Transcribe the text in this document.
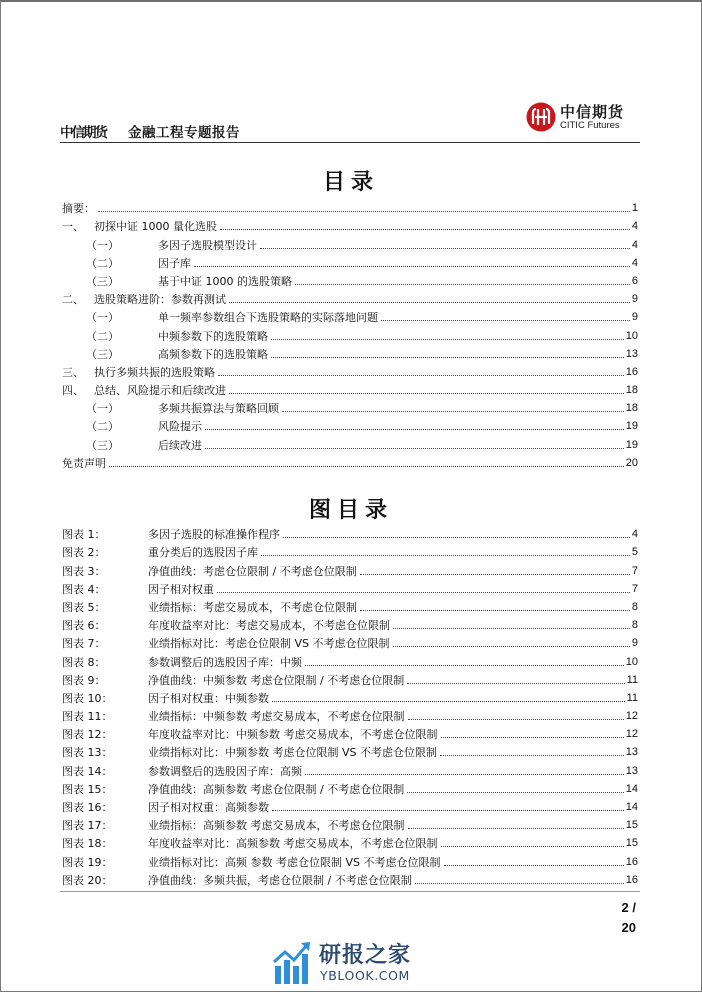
中信期货 金融工程专题报告
中信期货
CITIC Futures
目录
摘要：	1
一、 初探中证 1000 量化选股	4
（一）	多因子选股模型设计	4
（二）	因子库	4
（三）	基于中证 1000 的选股策略	6
二、 选股策略进阶：参数再测试	9
（一）	单一频率参数组合下选股策略的实际落地问题	9
（二）	中频参数下的选股策略	10
（三）	高频参数下的选股策略	13
三、 执行多频共振的选股策略	16
四、 总结、风险提示和后续改进	18
（一）	多频共振算法与策略回顾	18
（二）	风险提示	19
（三）	后续改进	19
免责声明	20
图目录
图表 1：	多因子选股的标准操作程序	4
图表 2：	重分类后的选股因子库	5
图表 3：	净值曲线：考虑仓位限制 / 不考虑仓位限制	7
图表 4：	因子相对权重	7
图表 5：	业绩指标：考虑交易成本，不考虑仓位限制	8
图表 6：	年度收益率对比：考虑交易成本，不考虑仓位限制	8
图表 7：	业绩指标对比：考虑仓位限制 VS 不考虑仓位限制	9
图表 8：	参数调整后的选股因子库：中频	10
图表 9：	净值曲线：中频参数 考虑仓位限制 / 不考虑仓位限制	11
图表 10：	因子相对权重：中频参数	11
图表 11：	业绩指标：中频参数 考虑交易成本，不考虑仓位限制	12
图表 12：	年度收益率对比：中频参数 考虑交易成本，不考虑仓位限制	12
图表 13：	业绩指标对比：中频参数 考虑仓位限制 VS 不考虑仓位限制	13
图表 14：	参数调整后的选股因子库：高频	13
图表 15：	净值曲线：高频参数 考虑仓位限制 / 不考虑仓位限制	14
图表 16：	因子相对权重：高频参数	14
图表 17：	业绩指标：高频参数 考虑交易成本，不考虑仓位限制	15
图表 18：	年度收益率对比：高频参数 考虑交易成本，不考虑仓位限制	15
图表 19：	业绩指标对比：高频 参数 考虑仓位限制 VS 不考虑仓位限制	16
图表 20：	净值曲线：多频共振，考虑仓位限制 / 不考虑仓位限制	16
2 /
20
研报之家
YBLOOK.COM
